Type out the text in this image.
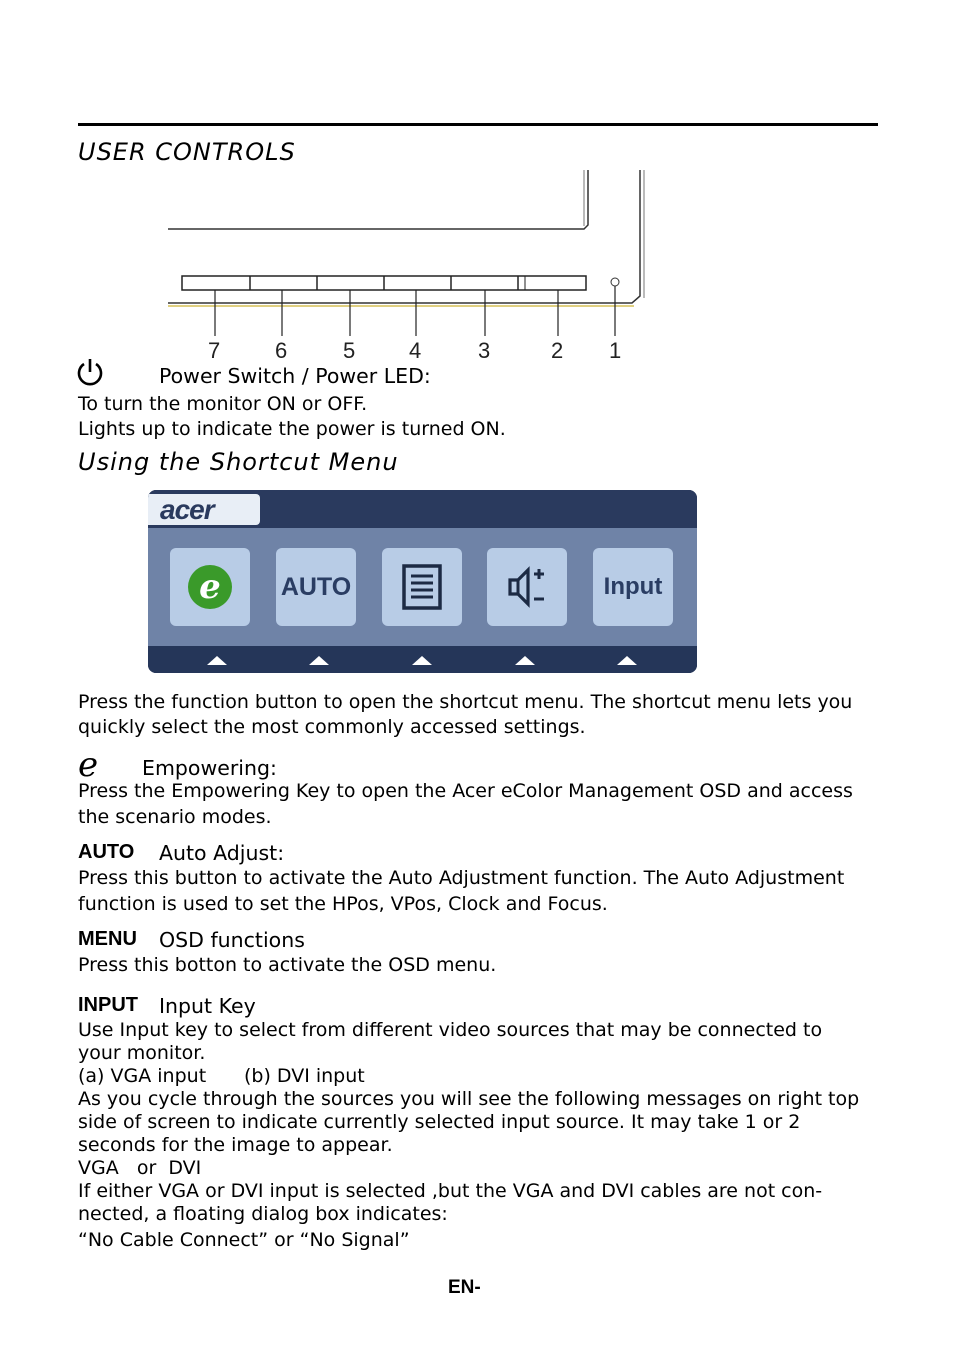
USER CONTROLS
7 6	5 4	3	2 1
Power Switch / Power LED:
To turn the monitor ON or OFF.
Lights up to indicate the power is turned ON.
Using the Shortcut Menu
acer
e AUTO	Input
Press the function button to open the shortcut menu. The shortcut menu lets you
quickly select the most commonly accessed settings.
e Empowering:
Press the Empowering Key to open the Acer eColor Management OSD and access
the scenario modes.
AUTO Auto Adjust:
Press this button to activate the Auto Adjustment function. The Auto Adjustment
function is used to set the HPos, VPos, Clock and Focus.
MENU OSD functions
Press this botton to activate the OSD menu.
INPUT Input Key
Use Input key to select from different video sources that may be connected to
your monitor.
(a) VGA input (b) DVI input
As you cycle through the sources you will see the following messages on right top
side of screen to indicate currently selected input source. It may take 1 or 2
seconds for the image to appear.
VGA   or  DVI
If either VGA or DVI input is selected ,but the VGA and DVI cables are not con-
nected, a floating dialog box indicates:
“No Cable Connect” or “No Signal”
EN-
